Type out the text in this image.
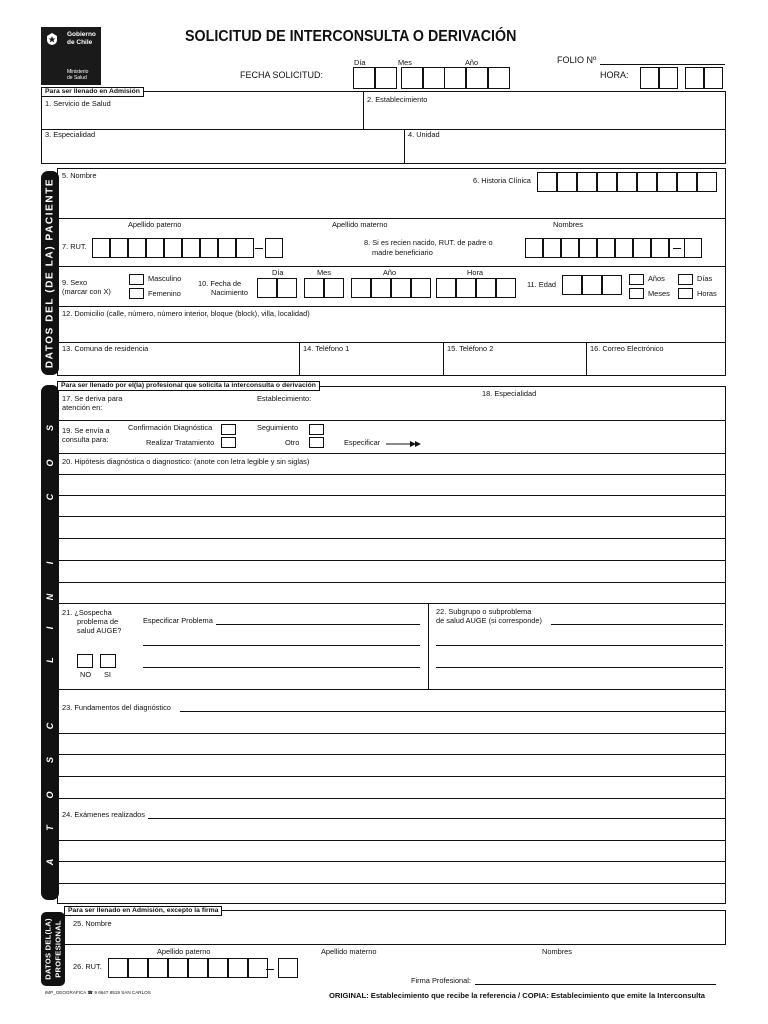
Gobierno
de Chile
Ministerio
de Salud
SOLICITUD DE INTERCONSULTA O DERIVACIÓN
Día	Mes	Año
FECHA SOLICITUD:
FOLIO Nº
HORA:
Para ser llenado en Admisión
1. Servicio de Salud	2. Establecimiento
3. Especialidad	4. Unidad
DATOS DEL (DE LA) PACIENTE
5. Nombre
6. Historia Clínica
Apellido paterno	Apellido materno	Nombres
7. RUT.	8. Si es recien nacido, RUT. de padre o
madre beneficiario
9. Sexo
(marcar con X)
Masculino
Femenino
10. Fecha de
Nacimiento
Día	Mes	Año	Hora
11. Edad
Años
Meses
Días
Horas
12. Domicilio (calle, número, número interior, bloque (block), villa, localidad)
13. Comuna de residencia	14. Teléfono 1	15. Teléfono 2	16. Correo Electrónico
S
O
C
I
N
I
L
C
S
O
T
A
Para ser llenado por el(la) profesional que solicita la interconsulta o derivación
17. Se deriva para
atención en:
Establecimiento:
18. Especialidad
19. Se envía a
consulta para:
Confirmación Diagnóstica	Seguimiento
Realizar Tratamiento	Otro	Especificar
20. Hipótesis diagnóstica o diagnostico: (anote con letra legible y sin siglas)
21. ¿Sospecha
problema de
salud AUGE?
Especificar Problema
NO SI
22. Subgrupo o subproblema
de salud AUGE (si corresponde)
23. Fundamentos del diagnóstico
24. Exámenes realizados
DATOS DEL(LA) PROFESIONAL
Para ser llenado en Admisión, excepto la firma
25. Nombre
Apellido paterno	Apellido materno	Nombres
26. RUT.
Firma Profesional:
IMP_GEOGRAFICA ☎ 9 6647 8519 SAN CARLOS	ORIGINAL: Establecimiento que recibe la referencia / COPIA: Establecimiento que emite la Interconsulta
